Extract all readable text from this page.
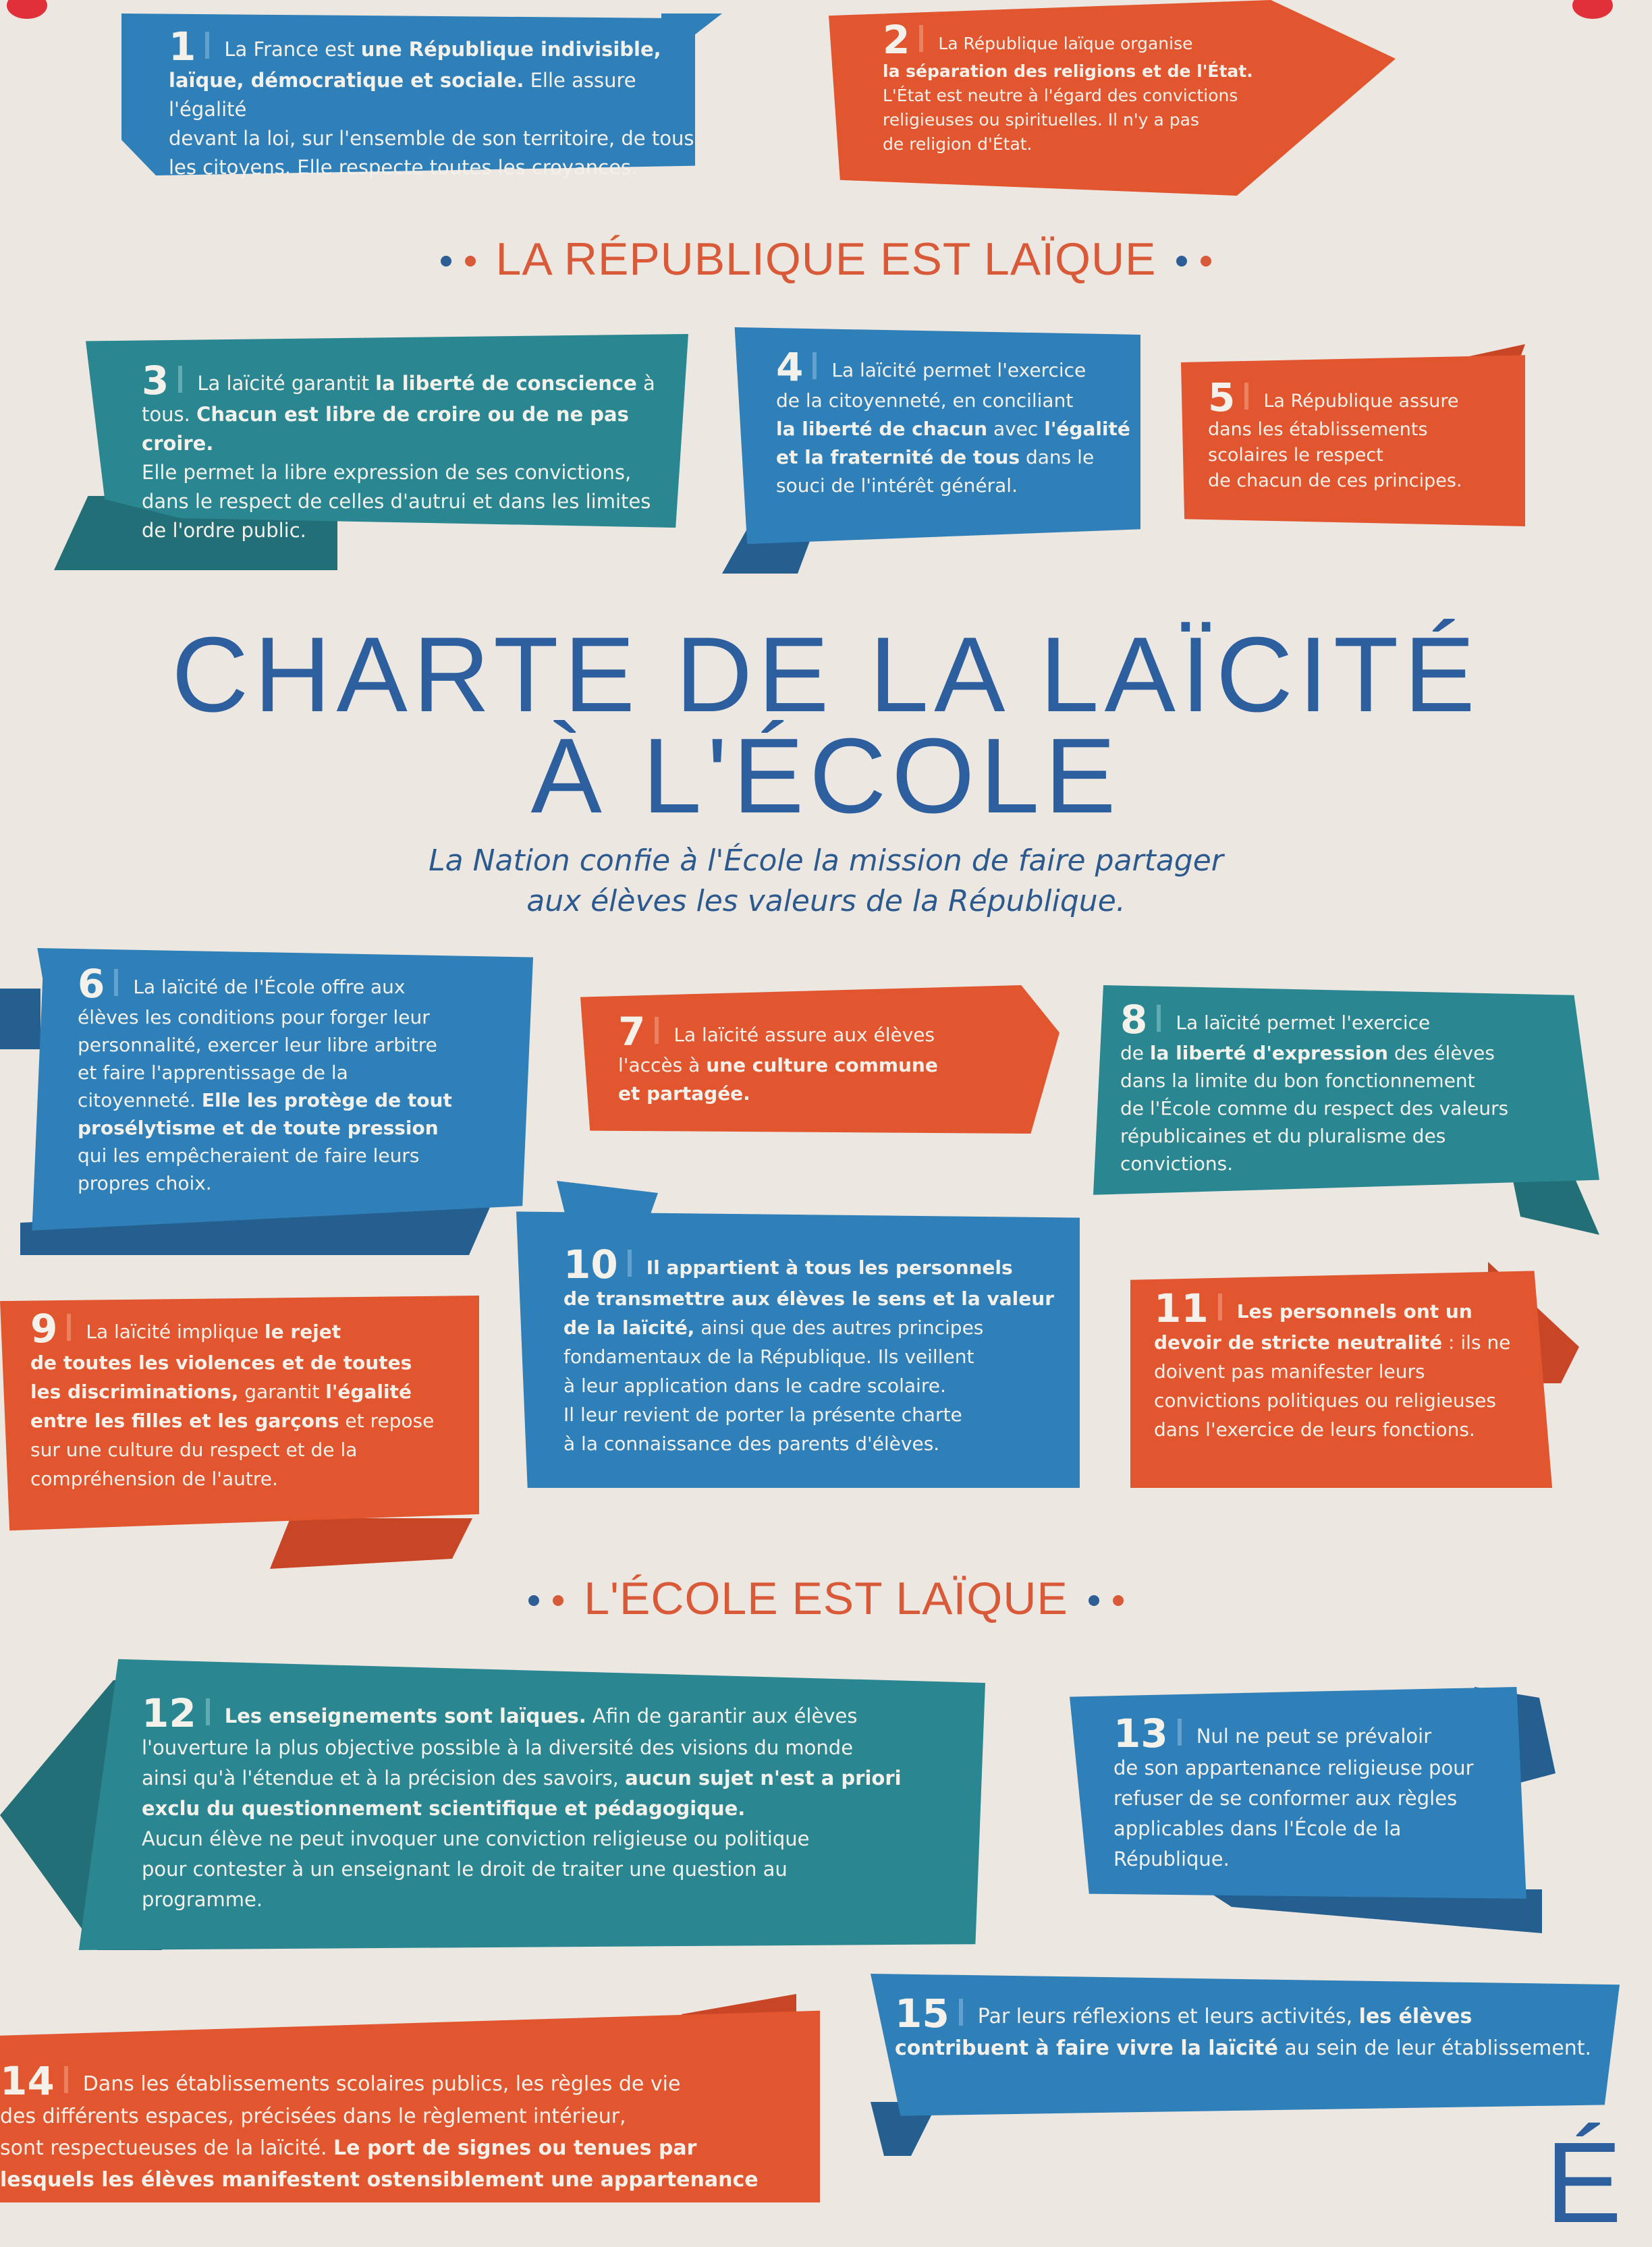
1 La France est une République indivisible,
laïque, démocratique et sociale. Elle assure l'égalité
devant la loi, sur l'ensemble de son territoire, de tous
les citoyens. Elle respecte toutes les croyances.
2 La République laïque organise
la séparation des religions et de l'État.
L'État est neutre à l'égard des convictions
religieuses ou spirituelles. Il n'y a pas
de religion d'État.
LA RÉPUBLIQUE EST LAÏQUE
3 La laïcité garantit la liberté de conscience à
tous. Chacun est libre de croire ou de ne pas croire.
Elle permet la libre expression de ses convictions,
dans le respect de celles d'autrui et dans les limites
de l'ordre public.
4 La laïcité permet l'exercice
de la citoyenneté, en conciliant
la liberté de chacun avec l'égalité
et la fraternité de tous dans le
souci de l'intérêt général.
5 La République assure
dans les établissements
scolaires le respect
de chacun de ces principes.
CHARTE DE LA LAÏCITÉ
À L'ÉCOLE
La Nation confie à l'École la mission de faire partager
aux élèves les valeurs de la République.
6 La laïcité de l'École offre aux
élèves les conditions pour forger leur
personnalité, exercer leur libre arbitre
et faire l'apprentissage de la
citoyenneté. Elle les protège de tout
prosélytisme et de toute pression
qui les empêcheraient de faire leurs
propres choix.
7 La laïcité assure aux élèves
l'accès à une culture commune
et partagée.
8 La laïcité permet l'exercice
de la liberté d'expression des élèves
dans la limite du bon fonctionnement
de l'École comme du respect des valeurs
républicaines et du pluralisme des
convictions.
10 Il appartient à tous les personnels
de transmettre aux élèves le sens et la valeur
de la laïcité, ainsi que des autres principes
fondamentaux de la République. Ils veillent
à leur application dans le cadre scolaire.
Il leur revient de porter la présente charte
à la connaissance des parents d'élèves.
9 La laïcité implique le rejet
de toutes les violences et de toutes
les discriminations, garantit l'égalité
entre les filles et les garçons et repose
sur une culture du respect et de la
compréhension de l'autre.
11 Les personnels ont un
devoir de stricte neutralité : ils ne
doivent pas manifester leurs
convictions politiques ou religieuses
dans l'exercice de leurs fonctions.
L'ÉCOLE EST LAÏQUE
12 Les enseignements sont laïques. Afin de garantir aux élèves
l'ouverture la plus objective possible à la diversité des visions du monde
ainsi qu'à l'étendue et à la précision des savoirs, aucun sujet n'est a priori
exclu du questionnement scientifique et pédagogique.
Aucun élève ne peut invoquer une conviction religieuse ou politique
pour contester à un enseignant le droit de traiter une question au
programme.
13 Nul ne peut se prévaloir
de son appartenance religieuse pour
refuser de se conformer aux règles
applicables dans l'École de la
République.
15 Par leurs réflexions et leurs activités, les élèves
contribuent à faire vivre la laïcité au sein de leur établissement.
14 Dans les établissements scolaires publics, les règles de vie
des différents espaces, précisées dans le règlement intérieur,
sont respectueuses de la laïcité. Le port de signes ou tenues par
lesquels les élèves manifestent ostensiblement une appartenance	É
